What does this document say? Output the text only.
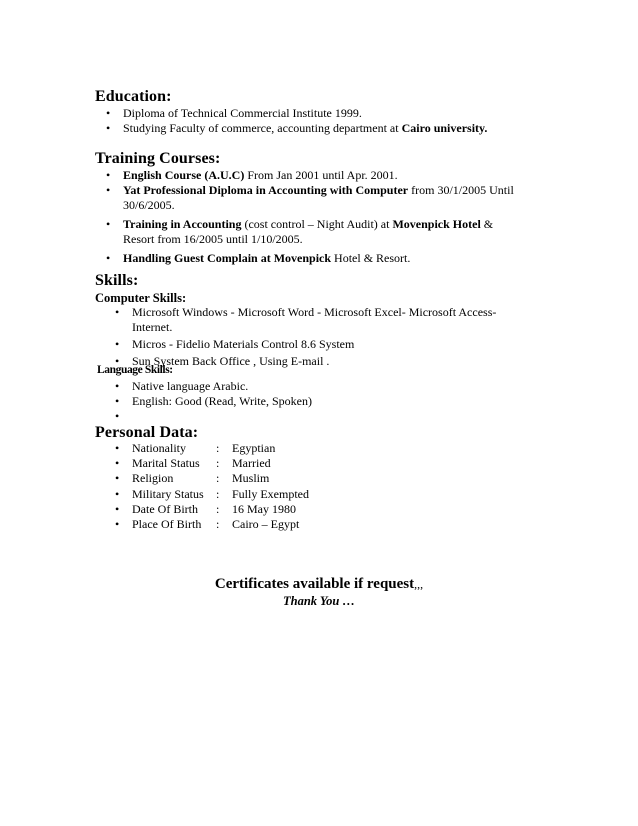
Education:
• Diploma of Technical Commercial Institute 1999.
• Studying Faculty of commerce, accounting department at Cairo university.
Training Courses:
• English Course (A.U.C) From Jan 2001 until Apr. 2001.
• Yat Professional Diploma in Accounting with Computer from 30/1/2005 Until
30/6/2005.
• Training in Accounting (cost control – Night Audit) at Movenpick Hotel &
Resort from 16/2005 until 1/10/2005.
• Handling Guest Complain at Movenpick Hotel & Resort.
Skills:
Computer Skills:
• Microsoft Windows - Microsoft Word - Microsoft Excel- Microsoft Access-
Internet.
• Micros - Fidelio Materials Control 8.6 System
• Sun System Back Office , Using E-mail .
Language Skills:
• Native language Arabic.
• English: Good (Read, Write, Spoken)
•
Personal Data:
• Nationality	: Egyptian
• Marital Status : Married
• Religion	: Muslim
• Military Status : Fully Exempted
• Date Of Birth : 16 May 1980
• Place Of Birth : Cairo – Egypt

Certificates available if request,,,

Thank You …
